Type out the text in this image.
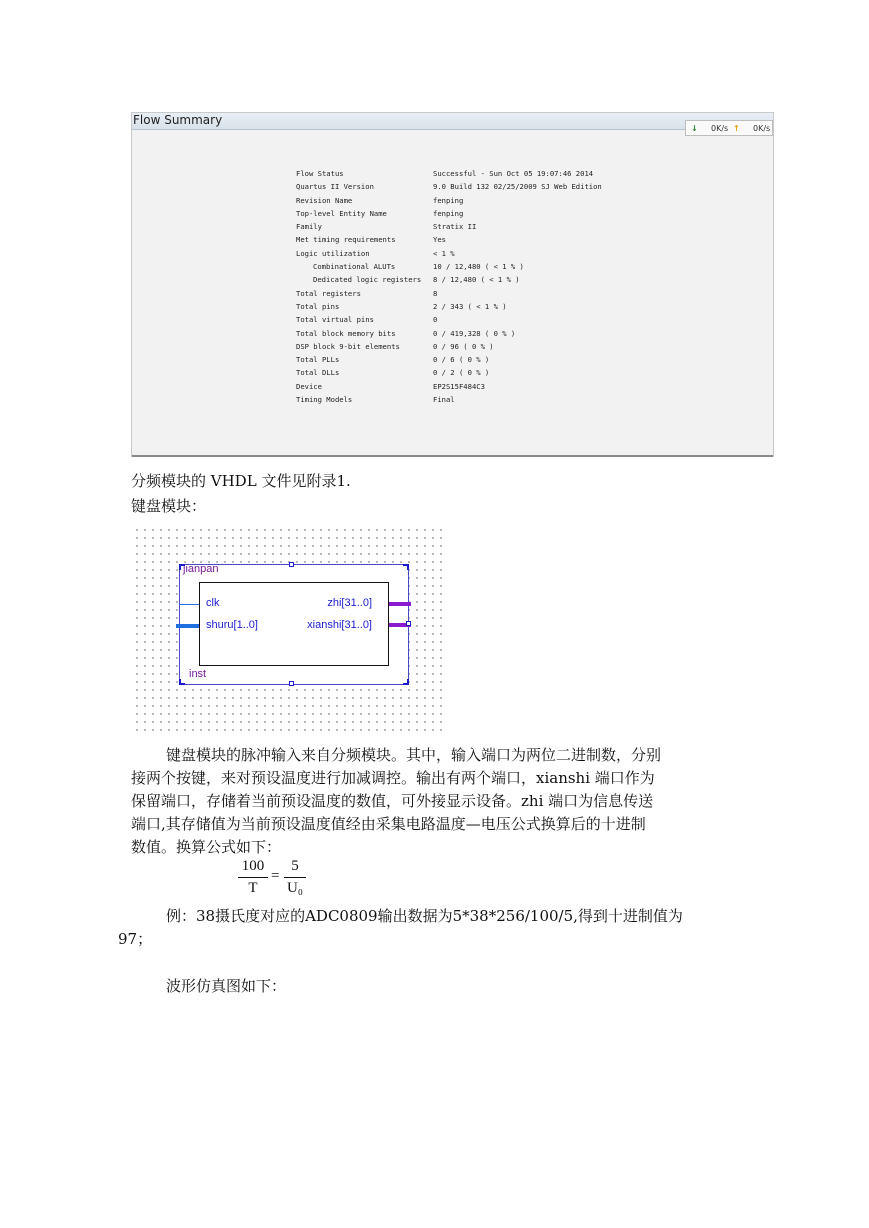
Flow Summary
↓ 0K/s ↑ 0K/s
Flow Status	Successful - Sun Oct 05 19:07:46 2014
Quartus II Version	9.0 Build 132 02/25/2009 SJ Web Edition
Revision Name	fenping
Top-level Entity Name	fenping
Family	Stratix II
Met timing requirements	Yes
Logic utilization	< 1 %
Combinational ALUTs	10 / 12,480 ( < 1 % )
Dedicated logic registers 8 / 12,480 ( < 1 % )
Total registers	8
Total pins	2 / 343 ( < 1 % )
Total virtual pins	0
Total block memory bits	0 / 419,328 ( 0 % )
DSP block 9-bit elements	0 / 96 ( 0 % )
Total PLLs	0 / 6 ( 0 % )
Total DLLs	0 / 2 ( 0 % )
Device	EP2S15F484C3
Timing Models	Final
分频模块的 VHDL 文件见附录1.
键盘模块：
jianpan
inst
clk
shuru[1..0]
zhi[31..0]
xianshi[31..0]
键盘模块的脉冲输入来自分频模块。其中，输入端口为两位二进制数，分别
接两个按键，来对预设温度进行加减调控。输出有两个端口，xianshi 端口作为
保留端口，存储着当前预设温度的数值，可外接显示设备。zhi 端口为信息传送
端口,其存储值为当前预设温度值经由采集电路温度—电压公式换算后的十进制
数值。换算公式如下：
100
T
=
5
U₀
例：38摄氏度对应的ADC0809输出数据为5*38*256/100/5,得到十进制值为
97；
波形仿真图如下：
